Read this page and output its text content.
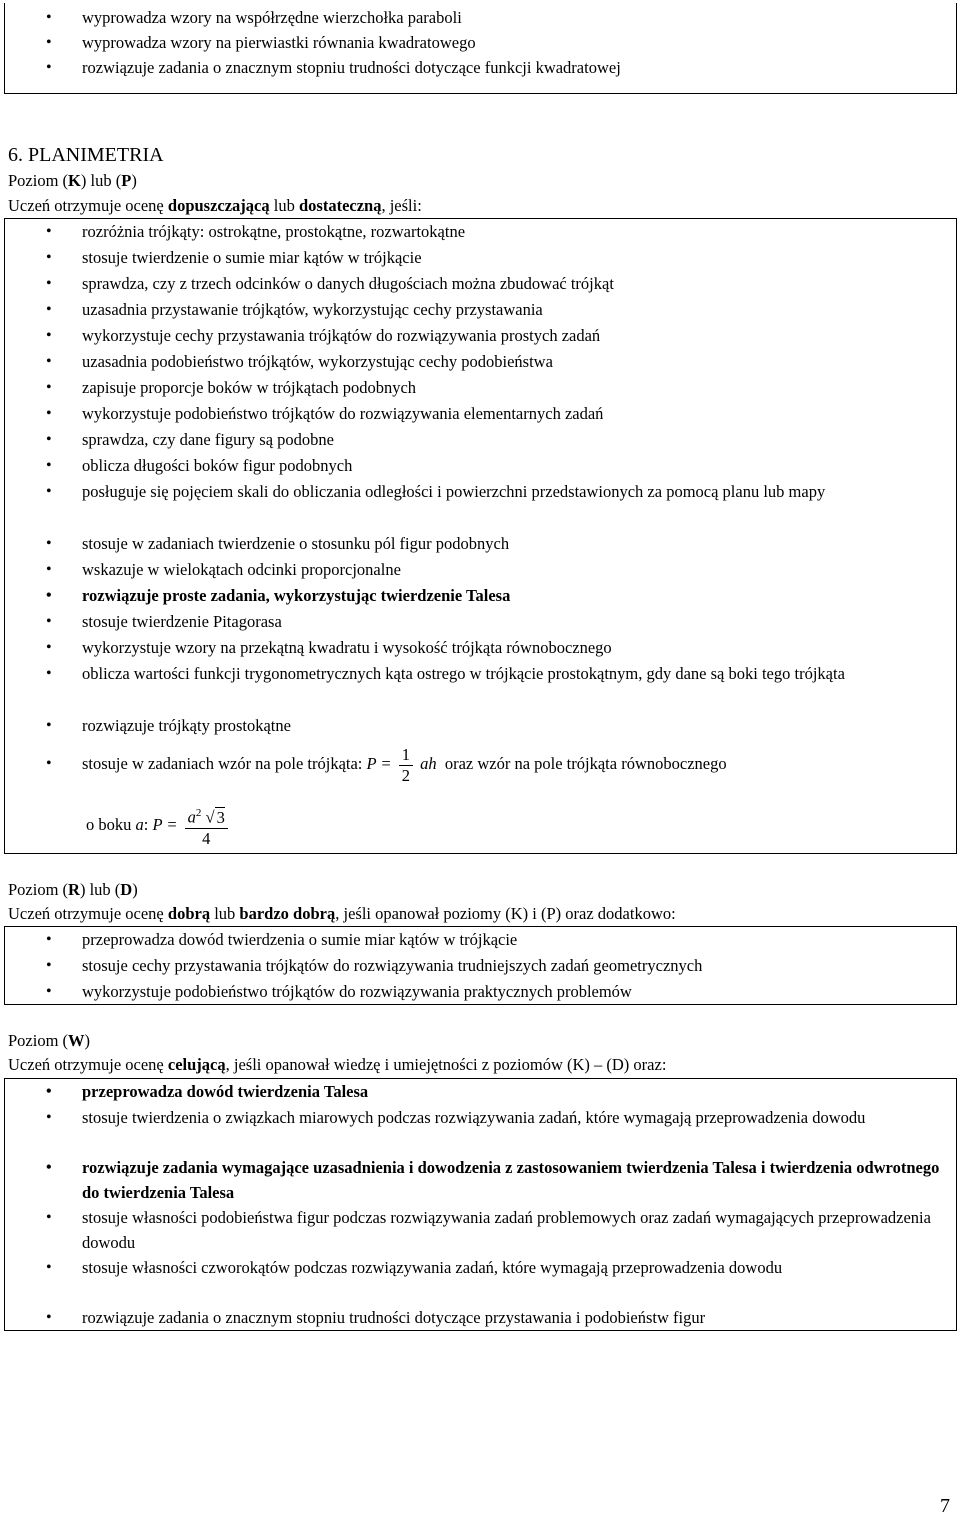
• wyprowadza wzory na współrzędne wierzchołka paraboli
• wyprowadza wzory na pierwiastki równania kwadratowego
• rozwiązuje zadania o znacznym stopniu trudności dotyczące funkcji kwadratowej
6. PLANIMETRIA
Poziom (K) lub (P)
Uczeń otrzymuje ocenę dopuszczającą lub dostateczną, jeśli:
• rozróżnia trójkąty: ostrokątne, prostokątne, rozwartokątne
• stosuje twierdzenie o sumie miar kątów w trójkącie
• sprawdza, czy z trzech odcinków o danych długościach można zbudować trójkąt
• uzasadnia przystawanie trójkątów, wykorzystując cechy przystawania
• wykorzystuje cechy przystawania trójkątów do rozwiązywania prostych zadań
• uzasadnia podobieństwo trójkątów, wykorzystując cechy podobieństwa
• zapisuje proporcje boków w trójkątach podobnych
• wykorzystuje podobieństwo trójkątów do rozwiązywania elementarnych zadań
• sprawdza, czy dane figury są podobne
• oblicza długości boków figur podobnych
• posługuje się pojęciem skali do obliczania odległości i powierzchni przedstawionych za pomocą planu lub mapy
• stosuje w zadaniach twierdzenie o stosunku pól figur podobnych
• wskazuje w wielokątach odcinki proporcjonalne
• rozwiązuje proste zadania, wykorzystując twierdzenie Talesa
• stosuje twierdzenie Pitagorasa
• wykorzystuje wzory na przekątną kwadratu i wysokość trójkąta równobocznego
• oblicza wartości funkcji trygonometrycznych kąta ostrego w trójkącie prostokątnym, gdy dane są boki tego trójkąta
• rozwiązuje trójkąty prostokątne
• stosuje w zadaniach wzór na pole trójkąta: $P = \frac{1}{2}$ ah oraz wzór na pole trójkąta równobocznego
o boku a: $P = \frac{a^2 √ 3}{4}$
Poziom (R) lub (D)
Uczeń otrzymuje ocenę dobrą lub bardzo dobrą, jeśli opanował poziomy (K) i (P) oraz dodatkowo:
• przeprowadza dowód twierdzenia o sumie miar kątów w trójkącie
• stosuje cechy przystawania trójkątów do rozwiązywania trudniejszych zadań geometrycznych
• wykorzystuje podobieństwo trójkątów do rozwiązywania praktycznych problemów
Poziom (W)
Uczeń otrzymuje ocenę celującą, jeśli opanował wiedzę i umiejętności z poziomów (K) – (D) oraz:
• przeprowadza dowód twierdzenia Talesa
• stosuje twierdzenia o związkach miarowych podczas rozwiązywania zadań, które wymagają przeprowadzenia dowodu
• rozwiązuje zadania wymagające uzasadnienia i dowodzenia z zastosowaniem twierdzenia Talesa i twierdzenia odwrotnego do twierdzenia Talesa
• stosuje własności podobieństwa figur podczas rozwiązywania zadań problemowych oraz zadań wymagających przeprowadzenia dowodu
• stosuje własności czworokątów podczas rozwiązywania zadań, które wymagają przeprowadzenia dowodu
• rozwiązuje zadania o znacznym stopniu trudności dotyczące przystawania i podobieństw figur
7
